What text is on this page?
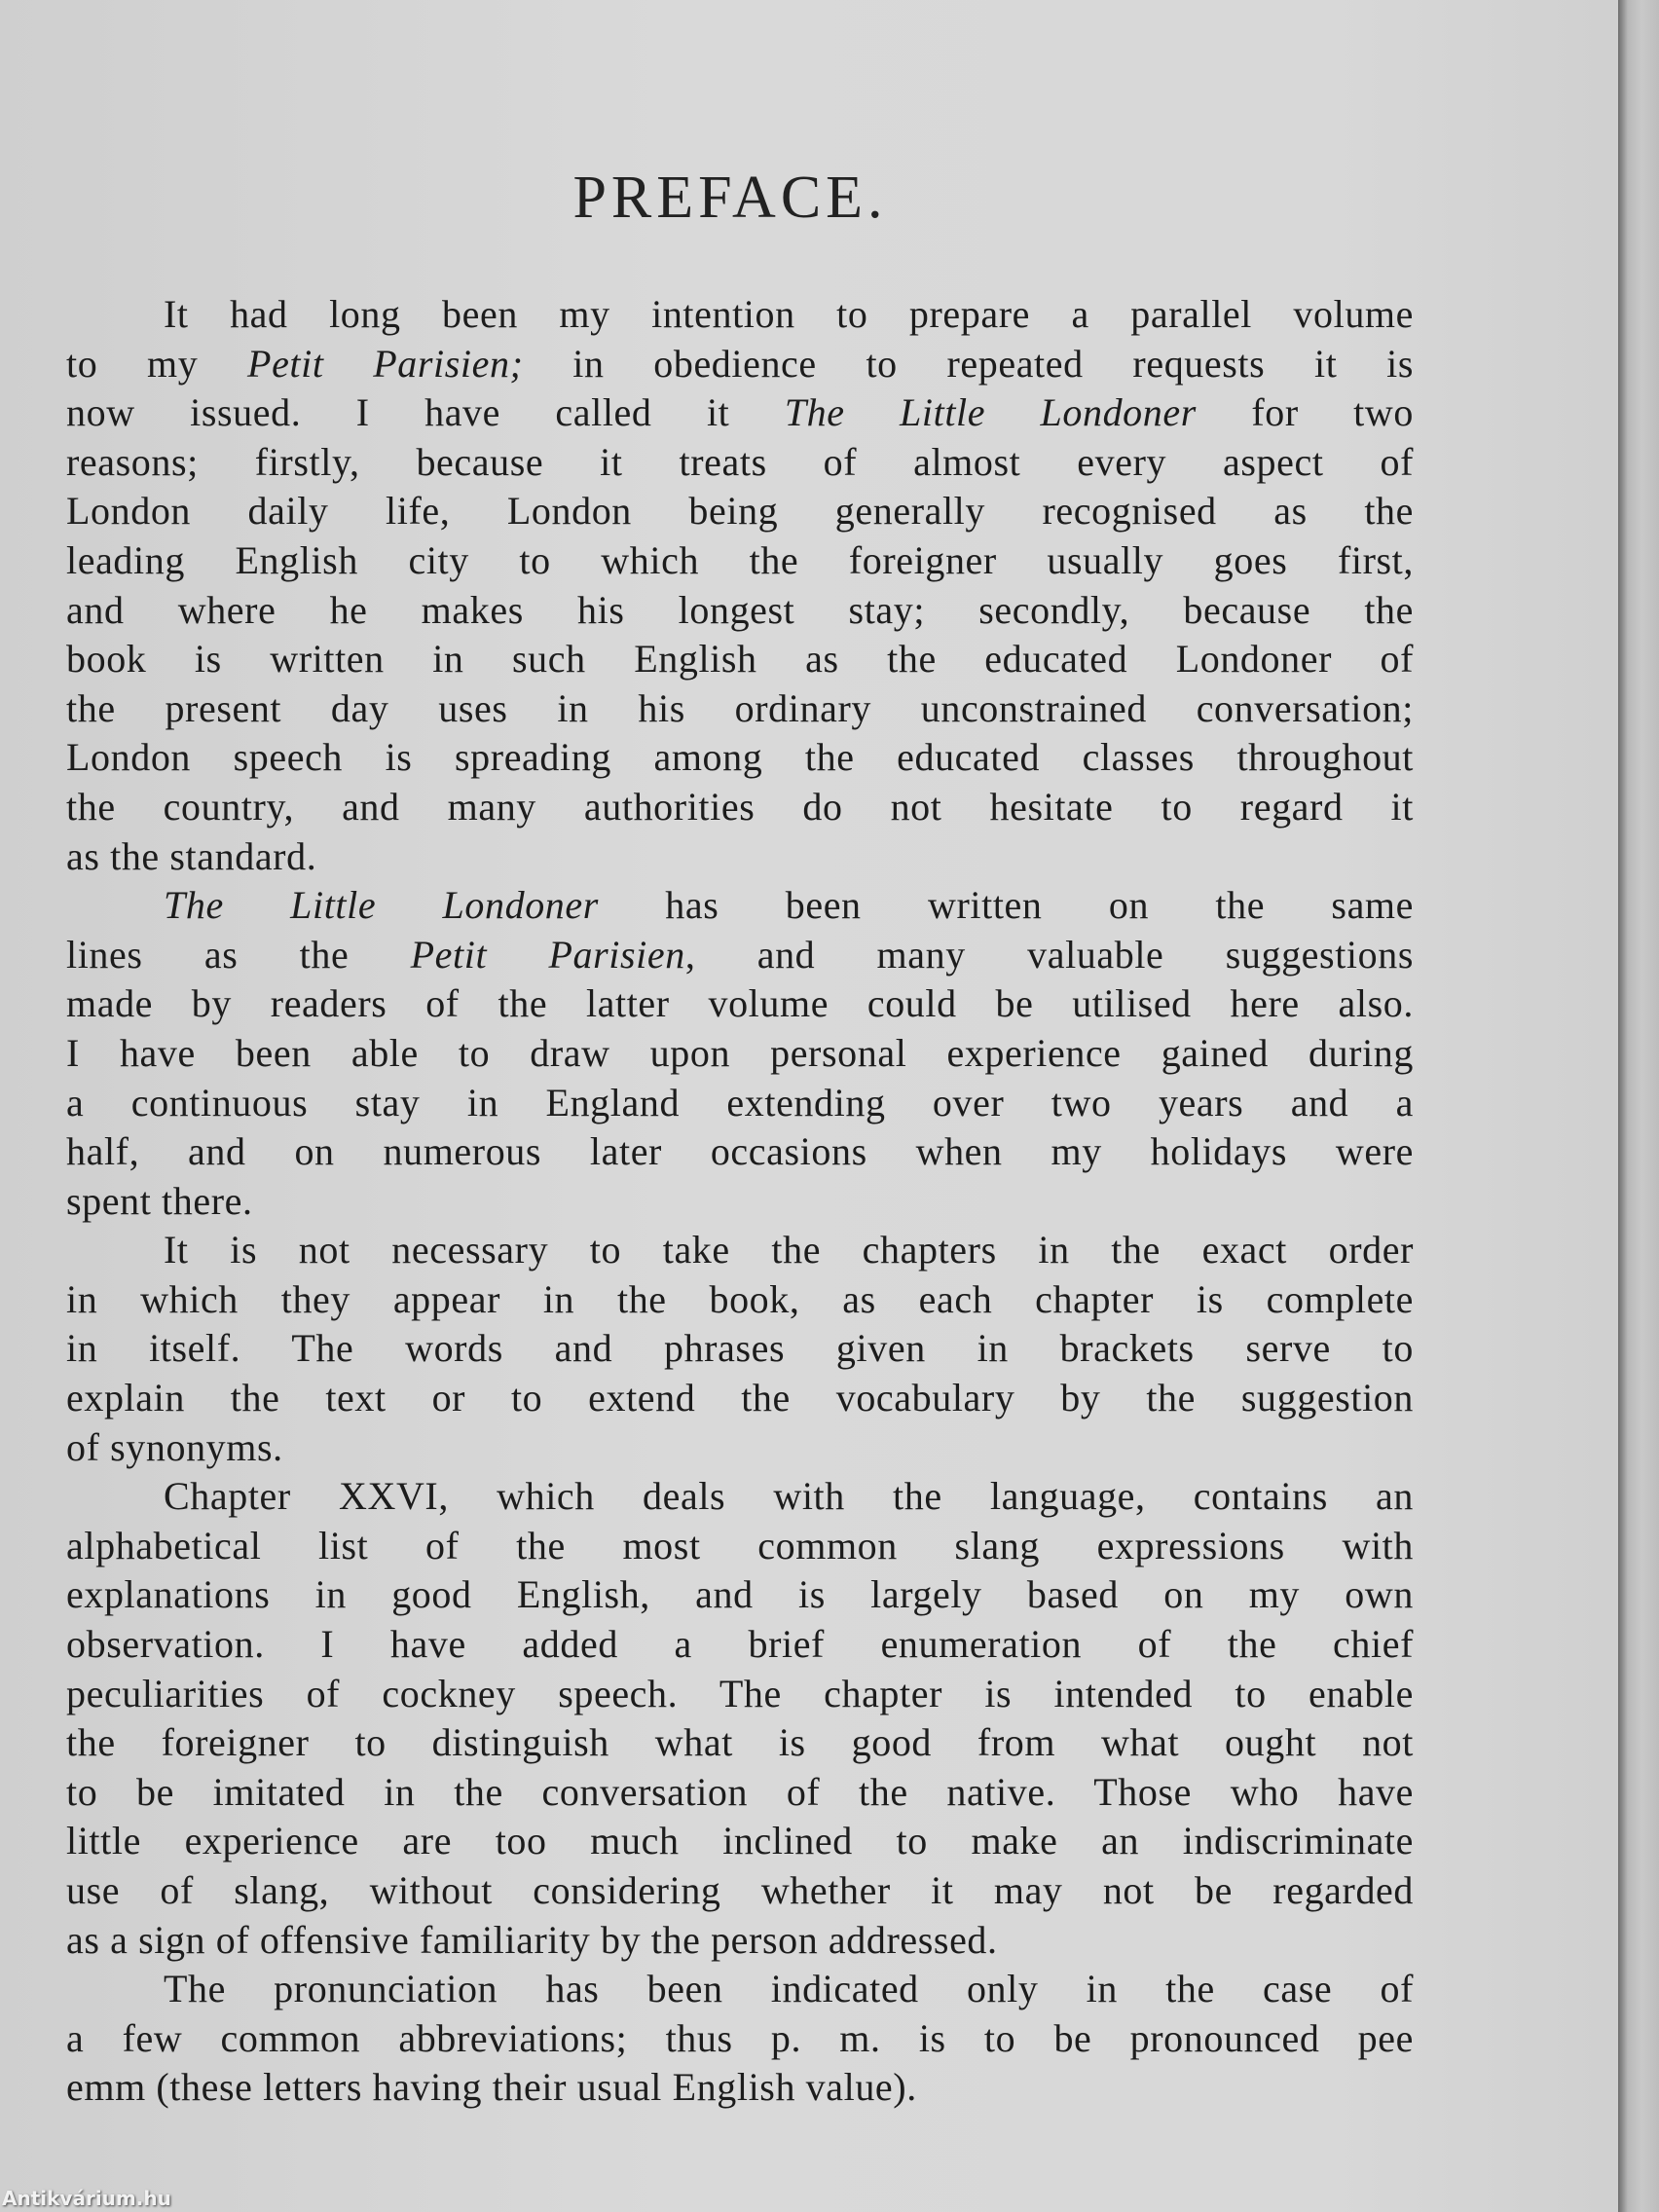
PREFACE.
It had long been my intention to prepare a parallel volume
to my Petit Parisien; in obedience to repeated requests it is
now issued. I have called it The Little Londoner for two
reasons; firstly, because it treats of almost every aspect of
London daily life, London being generally recognised as the
leading English city to which the foreigner usually goes first,
and where he makes his longest stay; secondly, because the
book is written in such English as the educated Londoner of
the present day uses in his ordinary unconstrained conversation;
London speech is spreading among the educated classes throughout
the country, and many authorities do not hesitate to regard it
as the standard.
The Little Londoner has been written on the same
lines as the Petit Parisien, and many valuable suggestions
made by readers of the latter volume could be utilised here also.
I have been able to draw upon personal experience gained during
a continuous stay in England extending over two years and a
half, and on numerous later occasions when my holidays were
spent there.
It is not necessary to take the chapters in the exact order
in which they appear in the book, as each chapter is complete
in itself. The words and phrases given in brackets serve to
explain the text or to extend the vocabulary by the suggestion
of synonyms.
Chapter XXVI, which deals with the language, contains an
alphabetical list of the most common slang expressions with
explanations in good English, and is largely based on my own
observation. I have added a brief enumeration of the chief
peculiarities of cockney speech. The chapter is intended to enable
the foreigner to distinguish what is good from what ought not
to be imitated in the conversation of the native. Those who have
little experience are too much inclined to make an indiscriminate
use of slang, without considering whether it may not be regarded
as a sign of offensive familiarity by the person addressed.
The pronunciation has been indicated only in the case of
a few common abbreviations; thus p. m. is to be pronounced pee
emm (these letters having their usual English value).
Antikvárium.hu
